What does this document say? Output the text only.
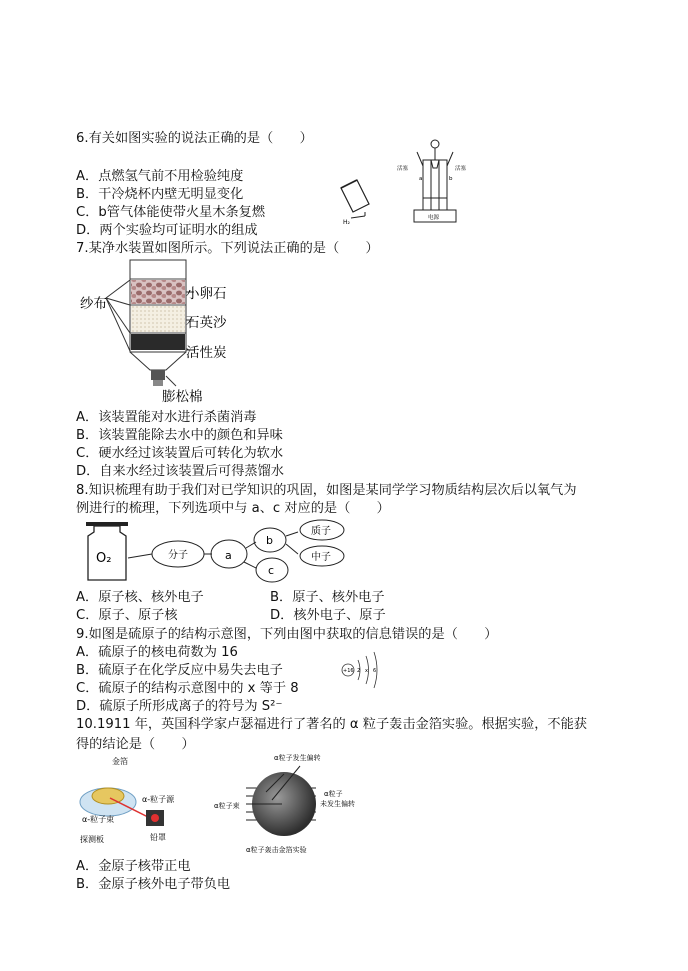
6.有关如图实验的说法正确的是（　　）
A．点燃氢气前不用检验纯度
B．干冷烧杯内壁无明显变化
C．b管气体能使带火星木条复燃
D．两个实验均可证明水的组成
H₂
活塞	活塞
a	b
电源
7.某净水装置如图所示。下列说法正确的是（　　）
纱布
小卵石
石英沙
活性炭
膨松棉
A．该装置能对水进行杀菌消毒
B．该装置能除去水中的颜色和异味
C．硬水经过该装置后可转化为软水
D．自来水经过该装置后可得蒸馏水
8.知识梳理有助于我们对已学知识的巩固，如图是某同学学习物质结构层次后以氧气为
例进行的梳理，下列选项中与 a、c 对应的是（　　）
O₂	分子	a
b
c
质子
中子
A．原子核、核外电子	B．原子、核外电子
C．原子、原子核	D．核外电子、原子
9.如图是硫原子的结构示意图，下列由图中获取的信息错误的是（　　）
A．硫原子的核电荷数为 16
B．硫原子在化学反应中易失去电子
C．硫原子的结构示意图中的 x 等于 8
D．硫原子所形成离子的符号为 S²⁻
+16 2 x 6
10.1911 年，英国科学家卢瑟福进行了著名的 α 粒子轰击金箔实验。根据实验，不能获
得的结论是（　　）
金箔
α-粒子源
α-粒子束
探测板	铅罩
α粒子发生偏转
α粒子束
α粒子
未发生偏转
α粒子轰击金箔实验
A．金原子核带正电
B．金原子核外电子带负电
